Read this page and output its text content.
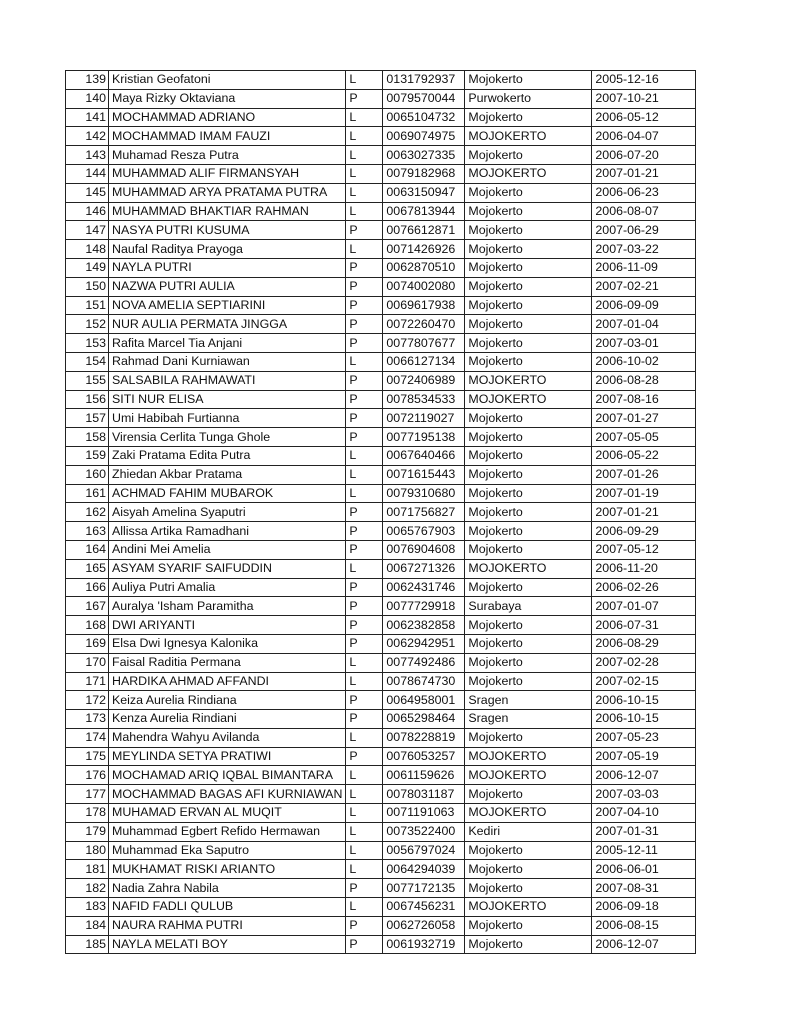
139	Kristian Geofatoni	L	0131792937	Mojokerto	2005-12-16
140	Maya Rizky Oktaviana	P	0079570044	Purwokerto	2007-10-21
141	MOCHAMMAD ADRIANO	L	0065104732	Mojokerto	2006-05-12
142	MOCHAMMAD IMAM FAUZI	L	0069074975	MOJOKERTO	2006-04-07
143	Muhamad Resza Putra	L	0063027335	Mojokerto	2006-07-20
144	MUHAMMAD ALIF FIRMANSYAH	L	0079182968	MOJOKERTO	2007-01-21
145	MUHAMMAD ARYA PRATAMA PUTRA	L	0063150947	Mojokerto	2006-06-23
146	MUHAMMAD BHAKTIAR RAHMAN	L	0067813944	Mojokerto	2006-08-07
147	NASYA PUTRI KUSUMA	P	0076612871	Mojokerto	2007-06-29
148	Naufal Raditya Prayoga	L	0071426926	Mojokerto	2007-03-22
149	NAYLA PUTRI	P	0062870510	Mojokerto	2006-11-09
150	NAZWA PUTRI AULIA	P	0074002080	Mojokerto	2007-02-21
151	NOVA AMELIA SEPTIARINI	P	0069617938	Mojokerto	2006-09-09
152	NUR AULIA PERMATA JINGGA	P	0072260470	Mojokerto	2007-01-04
153	Rafita Marcel Tia Anjani	P	0077807677	Mojokerto	2007-03-01
154	Rahmad Dani Kurniawan	L	0066127134	Mojokerto	2006-10-02
155	SALSABILA RAHMAWATI	P	0072406989	MOJOKERTO	2006-08-28
156	SITI NUR ELISA	P	0078534533	MOJOKERTO	2007-08-16
157	Umi Habibah Furtianna	P	0072119027	Mojokerto	2007-01-27
158	Virensia Cerlita Tunga Ghole	P	0077195138	Mojokerto	2007-05-05
159	Zaki Pratama Edita Putra	L	0067640466	Mojokerto	2006-05-22
160	Zhiedan Akbar Pratama	L	0071615443	Mojokerto	2007-01-26
161	ACHMAD FAHIM MUBAROK	L	0079310680	Mojokerto	2007-01-19
162	Aisyah Amelina Syaputri	P	0071756827	Mojokerto	2007-01-21
163	Allissa Artika Ramadhani	P	0065767903	Mojokerto	2006-09-29
164	Andini Mei Amelia	P	0076904608	Mojokerto	2007-05-12
165	ASYAM SYARIF SAIFUDDIN	L	0067271326	MOJOKERTO	2006-11-20
166	Auliya Putri Amalia	P	0062431746	Mojokerto	2006-02-26
167	Auralya 'Isham Paramitha	P	0077729918	Surabaya	2007-01-07
168	DWI ARIYANTI	P	0062382858	Mojokerto	2006-07-31
169	Elsa Dwi Ignesya Kalonika	P	0062942951	Mojokerto	2006-08-29
170	Faisal Raditia Permana	L	0077492486	Mojokerto	2007-02-28
171	HARDIKA AHMAD AFFANDI	L	0078674730	Mojokerto	2007-02-15
172	Keiza Aurelia Rindiana	P	0064958001	Sragen	2006-10-15
173	Kenza Aurelia Rindiani	P	0065298464	Sragen	2006-10-15
174	Mahendra Wahyu Avilanda	L	0078228819	Mojokerto	2007-05-23
175	MEYLINDA SETYA PRATIWI	P	0076053257	MOJOKERTO	2007-05-19
176	MOCHAMAD ARIQ IQBAL BIMANTARA	L	0061159626	MOJOKERTO	2006-12-07
177	MOCHAMMAD BAGAS AFI KURNIAWAN	L	0078031187	Mojokerto	2007-03-03
178	MUHAMAD ERVAN AL MUQIT	L	0071191063	MOJOKERTO	2007-04-10
179	Muhammad Egbert Refido Hermawan	L	0073522400	Kediri	2007-01-31
180	Muhammad Eka Saputro	L	0056797024	Mojokerto	2005-12-11
181	MUKHAMAT RISKI ARIANTO	L	0064294039	Mojokerto	2006-06-01
182	Nadia Zahra Nabila	P	0077172135	Mojokerto	2007-08-31
183	NAFID FADLI QULUB	L	0067456231	MOJOKERTO	2006-09-18
184	NAURA RAHMA PUTRI	P	0062726058	Mojokerto	2006-08-15
185	NAYLA MELATI BOY	P	0061932719	Mojokerto	2006-12-07
